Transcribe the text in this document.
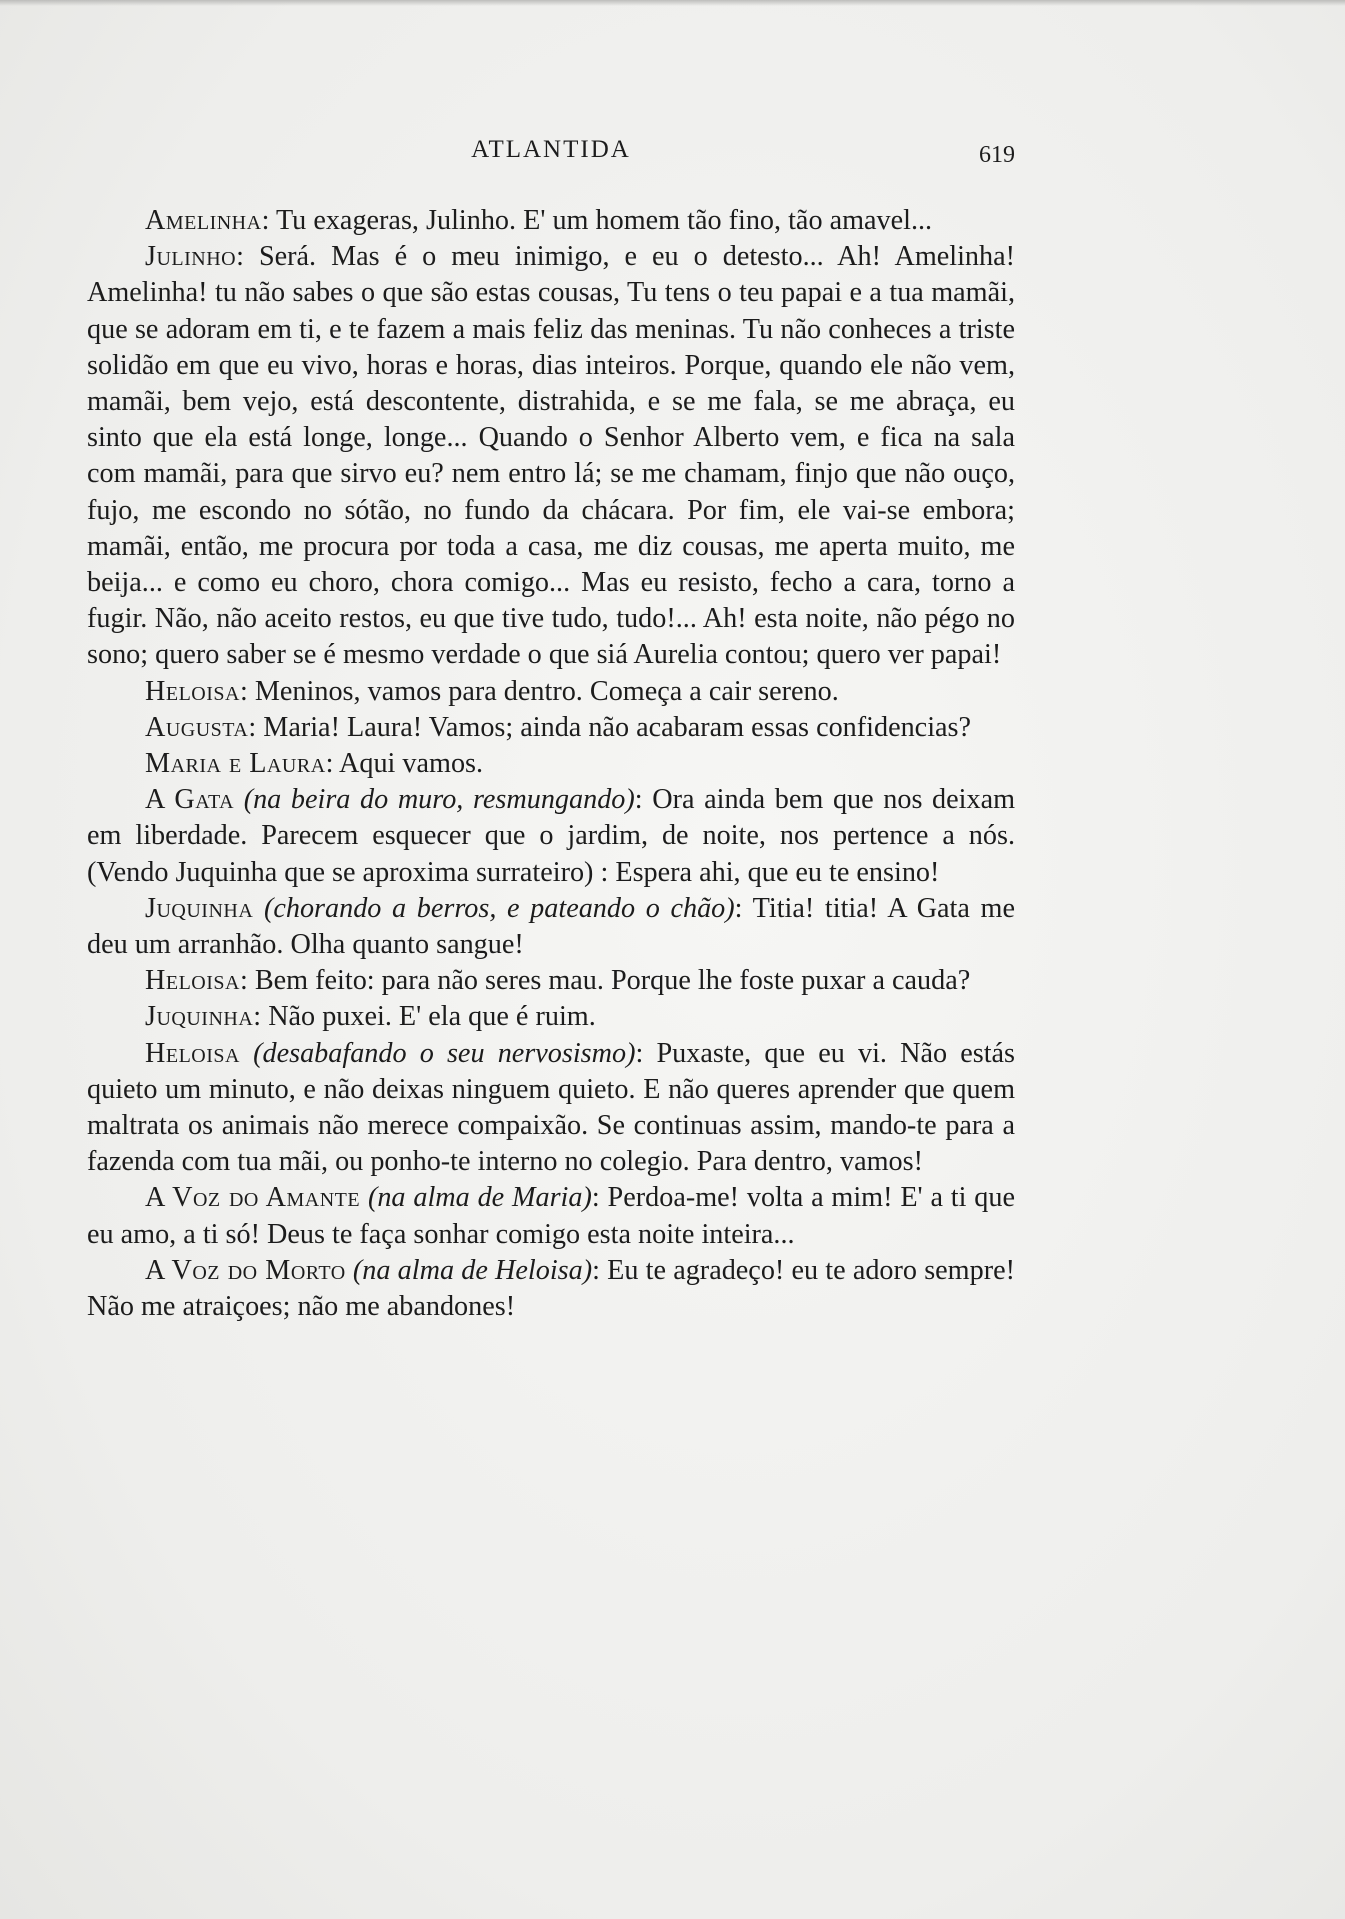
ATLANTIDA	619

Amelinha: Tu exageras, Julinho. E' um homem tão fino, tão amavel...

Julinho: Será. Mas é o meu inimigo, e eu o detesto... Ah! Amelinha! Amelinha! tu não sabes o que são estas cousas, Tu tens o teu papai e a tua mamãi, que se adoram em ti, e te fazem a mais feliz das meninas. Tu não conheces a triste solidão em que eu vivo, horas e horas, dias inteiros. Porque, quando ele não vem, mamãi, bem vejo, está descontente, distrahida, e se me fala, se me abraça, eu sinto que ela está longe, longe... Quando o Senhor Alberto vem, e fica na sala com mamãi, para que sirvo eu? nem entro lá; se me chamam, finjo que não ouço, fujo, me escondo no sótão, no fundo da chácara. Por fim, ele vai-se embora; mamãi, então, me procura por toda a casa, me diz cousas, me aperta muito, me beija... e como eu choro, chora comigo... Mas eu resisto, fecho a cara, torno a fugir. Não, não aceito restos, eu que tive tudo, tudo!... Ah! esta noite, não pégo no sono; quero saber se é mesmo verdade o que siá Aurelia contou; quero ver papai!

Heloisa: Meninos, vamos para dentro. Começa a cair sereno.

Augusta: Maria! Laura! Vamos; ainda não acabaram essas confidencias?

Maria e Laura: Aqui vamos.

A Gata (na beira do muro, resmungando): Ora ainda bem que nos deixam em liberdade. Parecem esquecer que o jardim, de noite, nos pertence a nós. (Vendo Juquinha que se aproxima surrateiro) : Espera ahi, que eu te ensino!

Juquinha (chorando a berros, e pateando o chão): Titia! titia! A Gata me deu um arranhão. Olha quanto sangue!

Heloisa: Bem feito: para não seres mau. Porque lhe foste puxar a cauda?

Juquinha: Não puxei. E' ela que é ruim.

Heloisa (desabafando o seu nervosismo): Puxaste, que eu vi. Não estás quieto um minuto, e não deixas ninguem quieto. E não queres aprender que quem maltrata os animais não merece compaixão. Se continuas assim, mando-te para a fazenda com tua mãi, ou ponho-te interno no colegio. Para dentro, vamos!

A Voz do Amante (na alma de Maria): Perdoa-me! volta a mim! E' a ti que eu amo, a ti só! Deus te faça sonhar comigo esta noite inteira...

A Voz do Morto (na alma de Heloisa): Eu te agradeço! eu te adoro sempre! Não me atraiçoes; não me abandones!
